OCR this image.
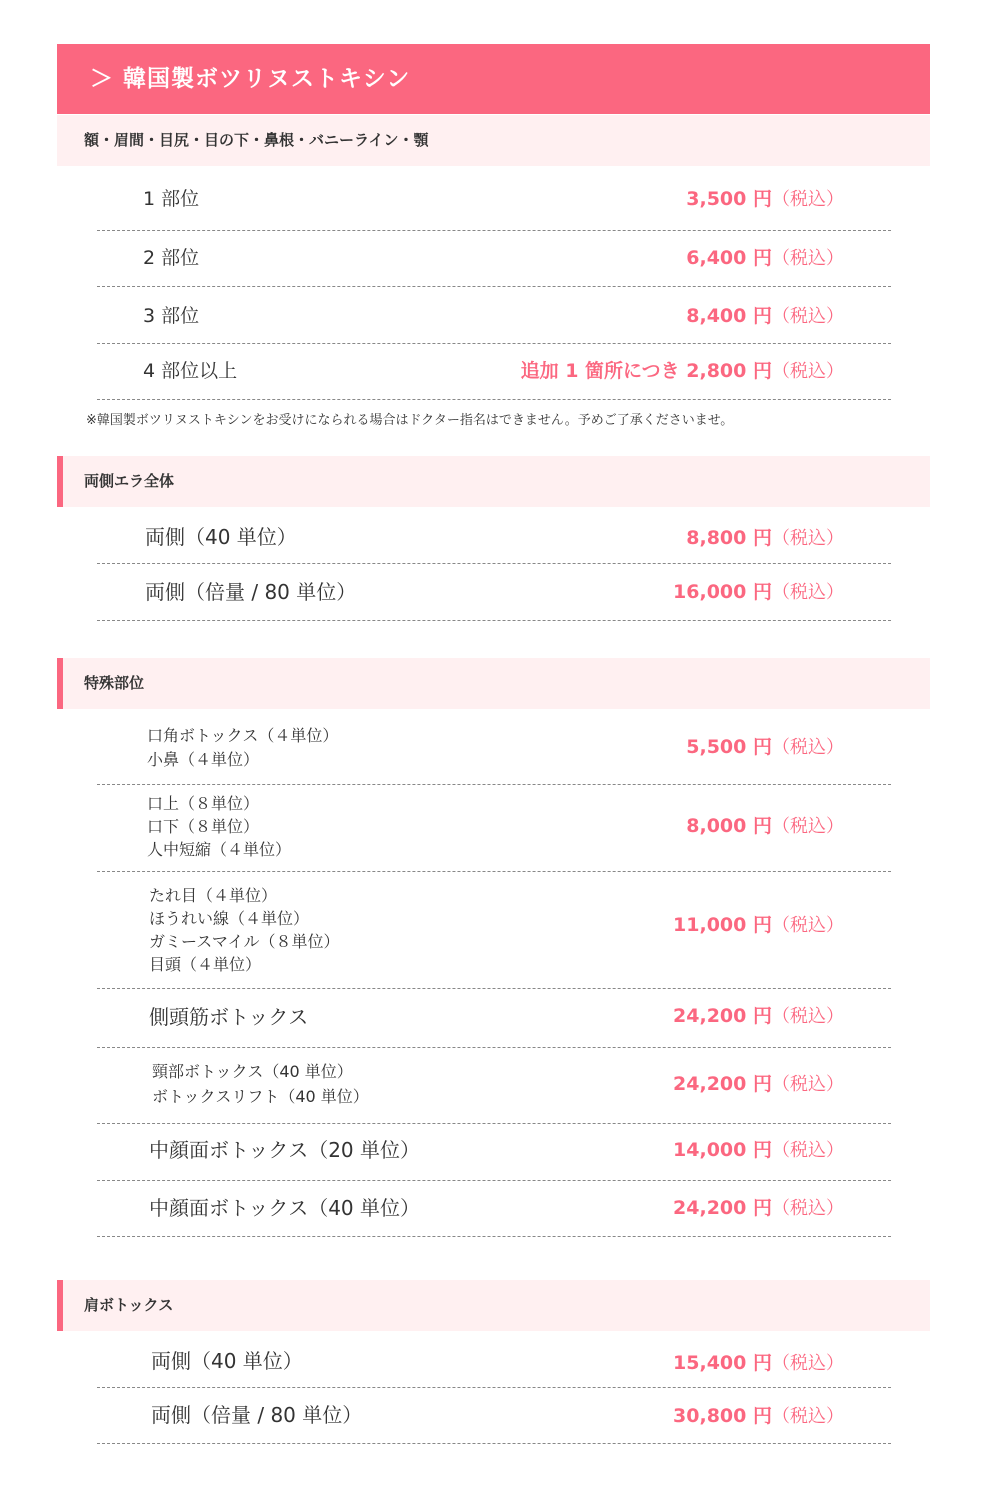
＞ 韓国製ボツリヌストキシン
額・眉間・目尻・目の下・鼻根・バニーライン・顎
1 部位	3,500 円（税込）
2 部位	6,400 円（税込）
3 部位	8,400 円（税込）
4 部位以上	追加 1 箇所につき 2,800 円（税込）
※韓国製ボツリヌストキシンをお受けになられる場合はドクター指名はできません。予めご了承くださいませ。
両側エラ全体
両側（40 単位）	8,800 円（税込）
両側（倍量 / 80 単位）	16,000 円（税込）
特殊部位
口角ボトックス（４単位）
小鼻（４単位）
5,500 円（税込）
口上（８単位）
口下（８単位）
人中短縮（４単位）
8,000 円（税込）
たれ目（４単位）
ほうれい線（４単位）
ガミースマイル（８単位）
目頭（４単位）
11,000 円（税込）
側頭筋ボトックス	24,200 円（税込）
頸部ボトックス（40 単位）
ボトックスリフト（40 単位）
24,200 円（税込）
中顔面ボトックス（20 単位）	14,000 円（税込）
中顔面ボトックス（40 単位）	24,200 円（税込）
肩ボトックス
両側（40 単位）	15,400 円（税込）
両側（倍量 / 80 単位）	30,800 円（税込）
